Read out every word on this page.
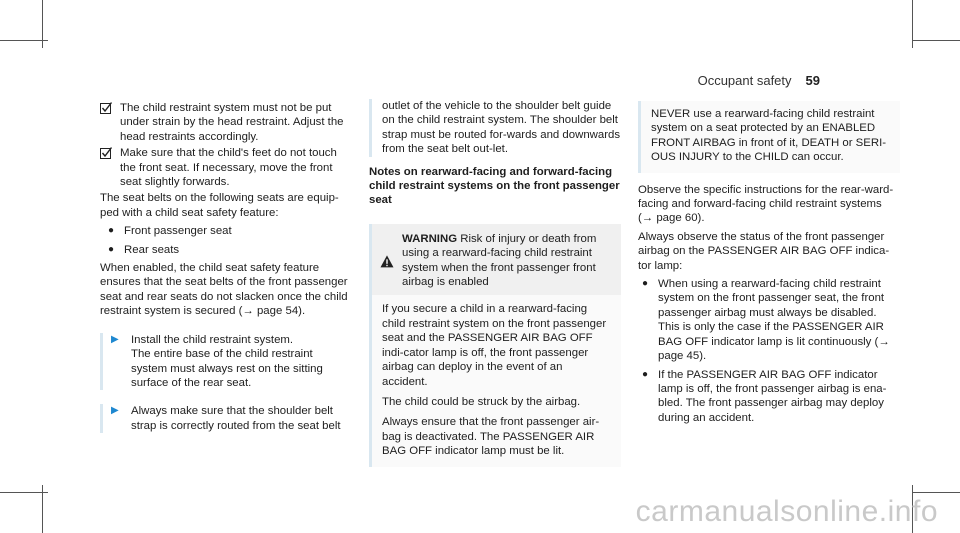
Occupant safety 59
The child restraint system must not be put under strain by the head restraint. Adjust the head restraints accordingly.
Make sure that the child's feet do not touch the front seat. If necessary, move the front seat slightly forwards.

The seat belts on the following seats are equip-ped with a child seat safety feature:

● Front passenger seat
● Rear seats

When enabled, the child seat safety feature ensures that the seat belts of the front passenger seat and rear seats do not slacken once the child restraint system is secured (→ page 54).

▶ Install the child restraint system.
The entire base of the child restraint system must always rest on the sitting surface of the rear seat.
▶ Always make sure that the shoulder belt strap is correctly routed from the seat belt
outlet of the vehicle to the shoulder belt guide on the child restraint system. The shoulder belt strap must be routed for-wards and downwards from the seat belt out-let.
Notes on rearward-facing and forward-facing child restraint systems on the front passenger seat
WARNING Risk of injury or death from using a rearward-facing child restraint system when the front passenger front airbag is enabled

If you secure a child in a rearward-facing child restraint system on the front passenger seat and the PASSENGER AIR BAG OFF indi-cator lamp is off, the front passenger airbag can deploy in the event of an accident.

The child could be struck by the airbag.

Always ensure that the front passenger air-bag is deactivated. The PASSENGER AIR BAG OFF indicator lamp must be lit.

NEVER use a rearward-facing child restraint system on a seat protected by an ENABLED FRONT AIRBAG in front of it, DEATH or SERI-OUS INJURY to the CHILD can occur.

Observe the specific instructions for the rear-ward-facing and forward-facing child restraint systems (→ page 60).

Always observe the status of the front passenger airbag on the PASSENGER AIR BAG OFF indica-tor lamp:

● When using a rearward-facing child restraint system on the front passenger seat, the front passenger airbag must always be disabled. This is only the case if the PASSENGER AIR BAG OFF indicator lamp is lit continuously (→ page 45).
● If the PASSENGER AIR BAG OFF indicator lamp is off, the front passenger airbag is ena-bled. The front passenger airbag may deploy during an accident.
carmanualsonline.info
